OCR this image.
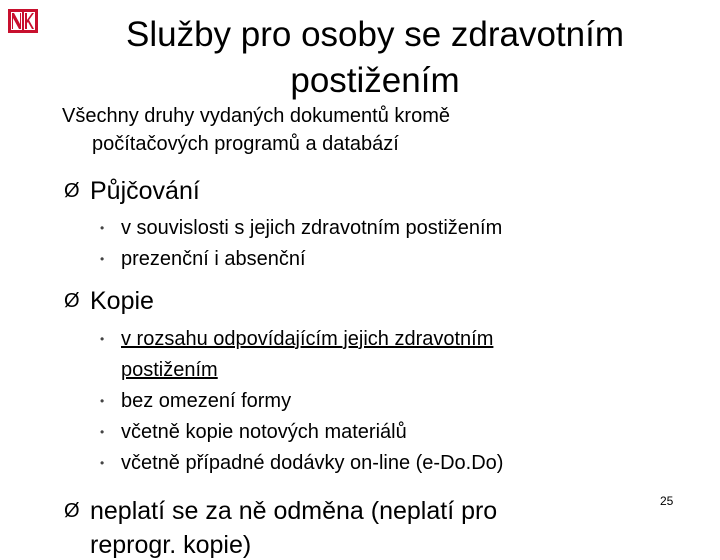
Služby pro osoby se zdravotním
postižením
Všechny druhy vydaných dokumentů kromě
počítačových programů a databází
Ø Půjčování
• v souvislosti s jejich zdravotním postižením
• prezenční i absenční
Ø Kopie
• v rozsahu odpovídajícím jejich zdravotním
postižením
• bez omezení formy
• včetně kopie notových materiálů
• včetně případné dodávky on-line (e-Do.Do)
Ø neplatí se za ně odměna (neplatí pro
reprogr. kopie)
25
